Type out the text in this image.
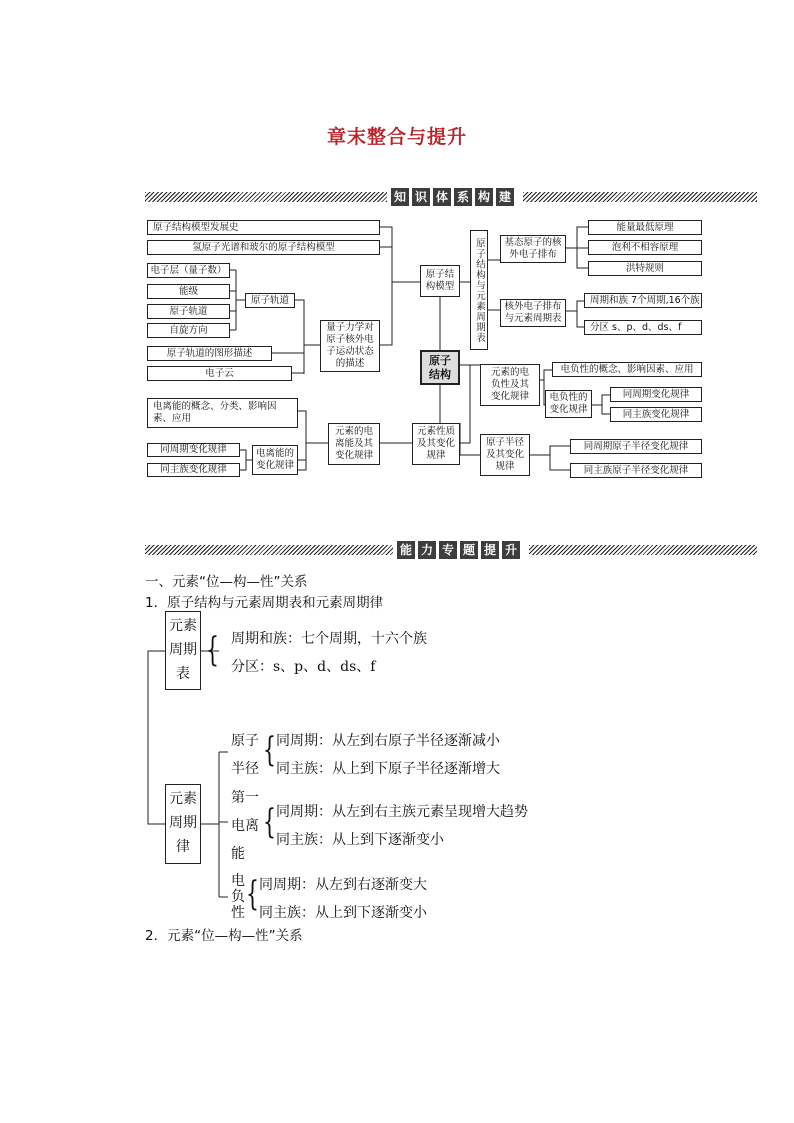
章末整合与提升
知 识 体 系 构 建
原子结构模型发展史
氢原子光谱和玻尔的原子结构模型
原子结
构模型
电子层（量子数）
能级
原子轨道
自旋方向
原子轨道
原子轨道的图形描述
电子云
量子力学对
原子核外电
子运动状态
的描述	原子
结构
电离能的概念、分类、影响因
素、应用
同周期变化规律
同主族变化规律
电离能的
变化规律
元素的电
离能及其
变化规律
元素性质
及其变化
规律
原子结构与元素周期表	基态原子的核
外电子排布
能量最低原理
泡利不相容原理
洪特规则
核外电子排布
与元素周期表
周期和族 7个周期,16个族
分区 s、p、d、ds、f
元素的电
负性及其
变化规律
电负性的概念、影响因素、应用
电负性的
变化规律
同周期变化规律
同主族变化规律
原子半径
及其变化
规律
同周期原子半径变化规律
同主族原子半径变化规律
能 力 专 题 提 升
一、元素“位—构—性”关系
1．原子结构与元素周期表和元素周期律
元素
周期
表
{ 周期和族：七个周期，十六个族
分区：s、p、d、ds、f
元素
周期
律
原子
半径 { 同周期：从左到右原子半径逐渐减小
同主族：从上到下原子半径逐渐增大
第一
电离
能
{ 同周期：从左到右主族元素呈现增大趋势
同主族：从上到下逐渐变小
电
负
性 { 同周期：从左到右逐渐变大
同主族：从上到下逐渐变小
2．元素“位—构—性”关系
